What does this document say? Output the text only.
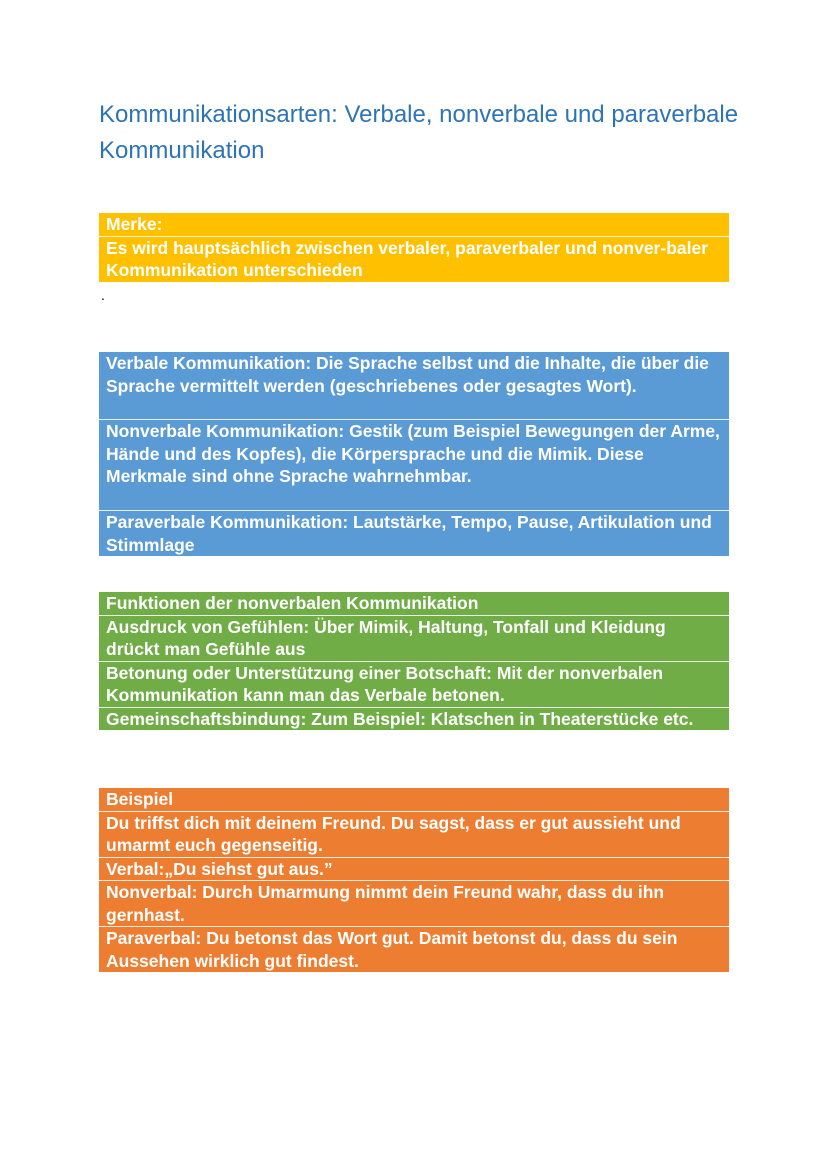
Kommunikationsarten: Verbale, nonverbale und paraverbale Kommunikation
Merke:
Es wird hauptsächlich zwischen verbaler, paraverbaler und nonver-baler Kommunikation unterschieden
.
Verbale Kommunikation: Die Sprache selbst und die Inhalte, die über die Sprache vermittelt werden (geschriebenes oder gesagtes Wort).
Nonverbale Kommunikation: Gestik (zum Beispiel Bewegungen der Arme, Hände und des Kopfes), die Körpersprache und die Mimik. Diese Merkmale sind ohne Sprache wahrnehmbar.
Paraverbale Kommunikation: Lautstärke, Tempo, Pause, Artikulation und Stimmlage
Funktionen der nonverbalen Kommunikation
Ausdruck von Gefühlen: Über Mimik, Haltung, Tonfall und Kleidung drückt man Gefühle aus
Betonung oder Unterstützung einer Botschaft: Mit der nonverbalen Kommunikation kann man das Verbale betonen.
Gemeinschaftsbindung: Zum Beispiel: Klatschen in Theaterstücke etc.
Beispiel
Du triffst dich mit deinem Freund. Du sagst, dass er gut aussieht und umarmt euch gegenseitig.
Verbal:„Du siehst gut aus.”
Nonverbal: Durch Umarmung nimmt dein Freund wahr, dass du ihn gernhast.
Paraverbal: Du betonst das Wort gut. Damit betonst du, dass du sein Aussehen wirklich gut findest.
